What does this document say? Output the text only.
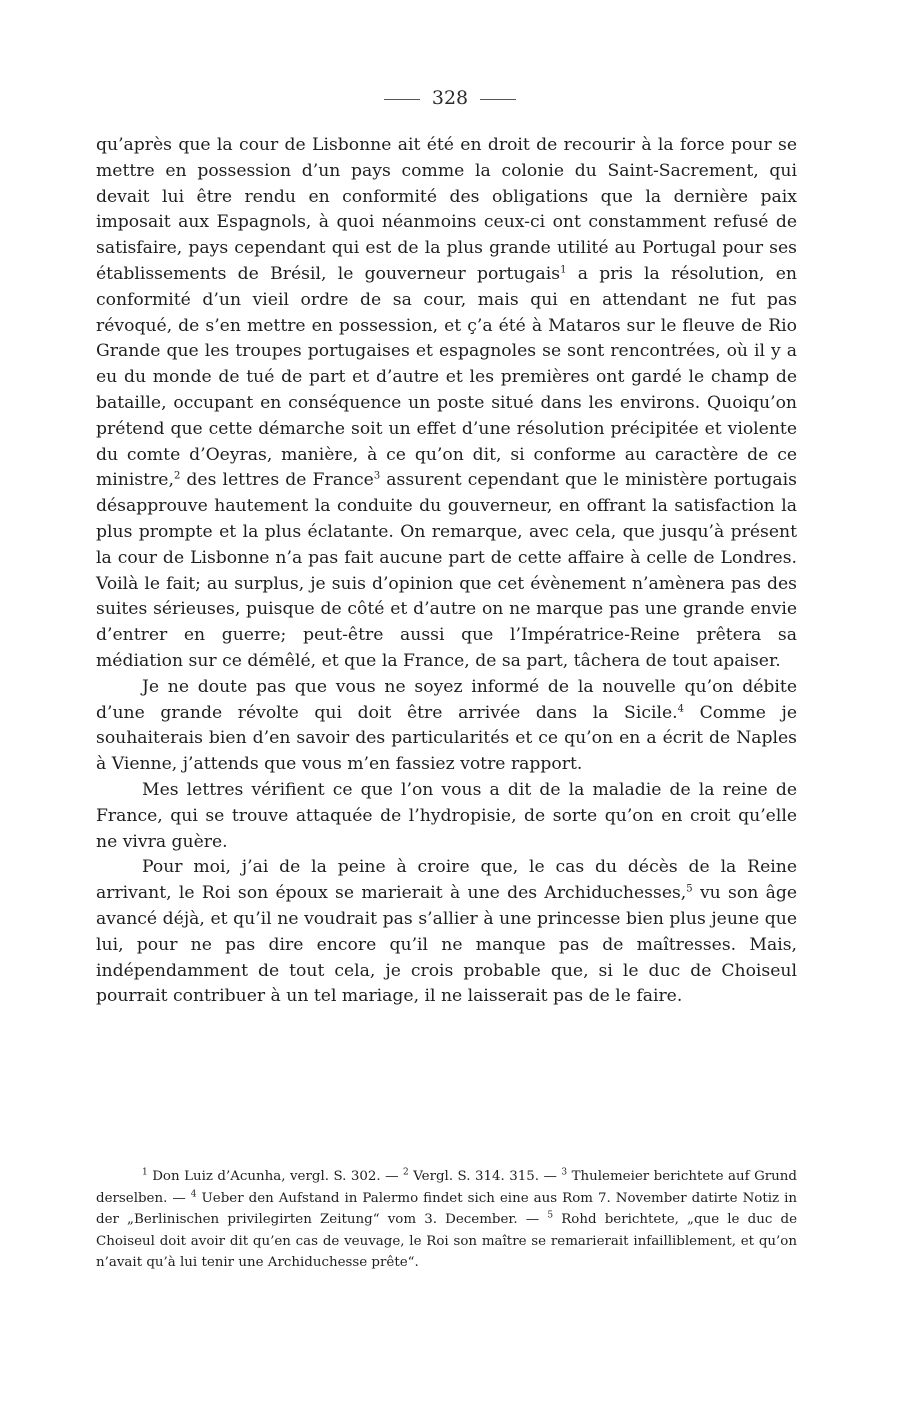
328

qu’après que la cour de Lisbonne ait été en droit de recourir à la force pour se mettre en possession d’un pays comme la colonie du Saint-Sacrement, qui devait lui être rendu en conformité des obligations que la dernière paix imposait aux Espagnols, à quoi néanmoins ceux-ci ont constamment refusé de satisfaire, pays cependant qui est de la plus grande utilité au Portugal pour ses établissements de Brésil, le gouverneur portugais$^1$ a pris la résolution, en conformité d’un vieil ordre de sa cour, mais qui en attendant ne fut pas révoqué, de s’en mettre en possession, et ç’a été à Mataros sur le fleuve de Rio Grande que les troupes portugaises et espagnoles se sont rencontrées, où il y a eu du monde de tué de part et d’autre et les premières ont gardé le champ de bataille, occupant en conséquence un poste situé dans les environs. Quoiqu’on prétend que cette démarche soit un effet d’une résolution précipitée et violente du comte d’Oeyras, manière, à ce qu’on dit, si conforme au caractère de ce ministre,$^2$ des lettres de France$^3$ assurent cependant que le ministère portugais désapprouve hautement la conduite du gouverneur, en offrant la satisfaction la plus prompte et la plus éclatante. On remarque, avec cela, que jusqu’à présent la cour de Lisbonne n’a pas fait aucune part de cette affaire à celle de Londres. Voilà le fait; au surplus, je suis d’opinion que cet évènement n’amènera pas des suites sérieuses, puisque de côté et d’autre on ne marque pas une grande envie d’entrer en guerre; peut-être aussi que l’Impératrice-Reine prêtera sa médiation sur ce démêlé, et que la France, de sa part, tâchera de tout apaiser.

Je ne doute pas que vous ne soyez informé de la nouvelle qu’on débite d’une grande révolte qui doit être arrivée dans la Sicile.$^4$ Comme je souhaiterais bien d’en savoir des particularités et ce qu’on en a écrit de Naples à Vienne, j’attends que vous m’en fassiez votre rapport.

Mes lettres vérifient ce que l’on vous a dit de la maladie de la reine de France, qui se trouve attaquée de l’hydropisie, de sorte qu’on en croit qu’elle ne vivra guère.

Pour moi, j’ai de la peine à croire que, le cas du décès de la Reine arrivant, le Roi son époux se marierait à une des Archiduchesses,$^5$ vu son âge avancé déjà, et qu’il ne voudrait pas s’allier à une princesse bien plus jeune que lui, pour ne pas dire encore qu’il ne manque pas de maîtresses. Mais, indépendamment de tout cela, je crois probable que, si le duc de Choiseul pourrait contribuer à un tel mariage, il ne laisserait pas de le faire.

$^1$ Don Luiz d’Acunha, vergl. S. 302. — $^2$ Vergl. S. 314. 315. — $^3$ Thulemeier berichtete auf Grund derselben. — $^4$ Ueber den Aufstand in Palermo findet sich eine aus Rom 7. November datirte Notiz in der „Berlinischen privilegirten Zeitung“ vom 3. December. — $^5$ Rohd berichtete, „que le duc de Choiseul doit avoir dit qu’en cas de veuvage, le Roi son maître se remarierait infailliblement, et qu’on n’avait qu’à lui tenir une Archiduchesse prête“.
